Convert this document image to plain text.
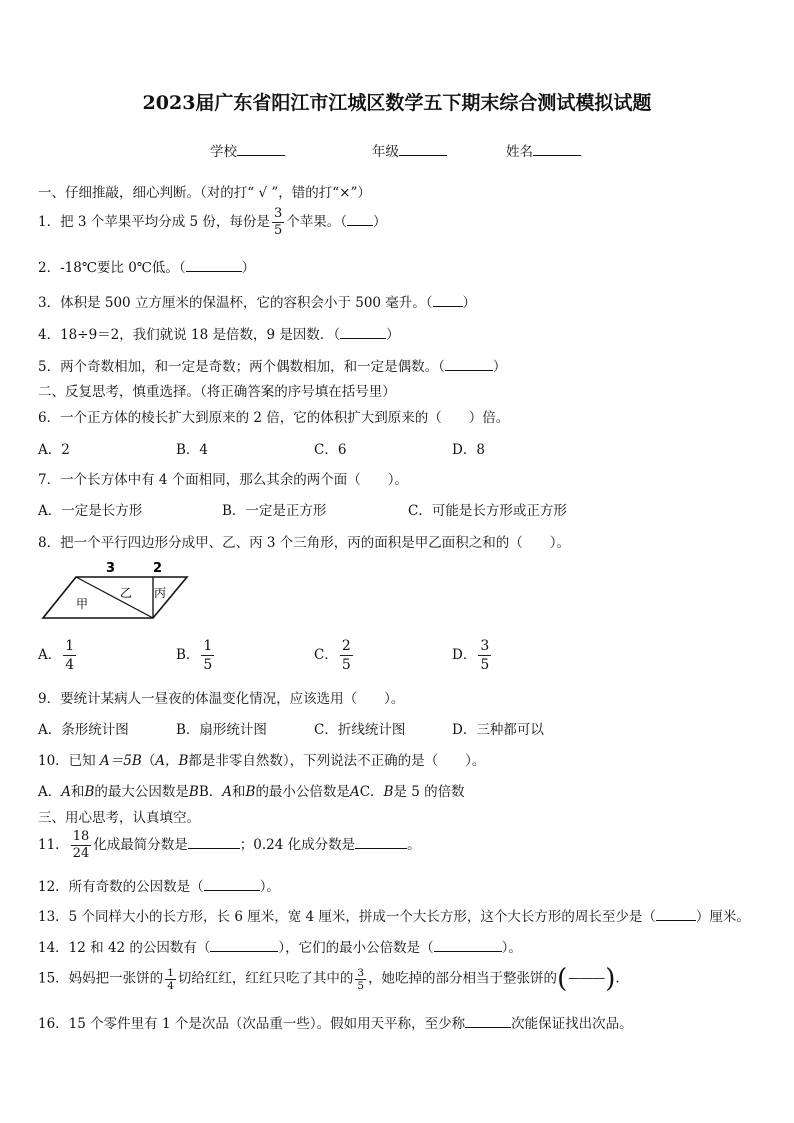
2023届广东省阳江市江城区数学五下期末综合测试模拟试题
学校	年级	姓名
一、仔细推敲，细心判断。（对的打“ √ ”，错的打“×”）
1．把 3 个苹果平均分成 5 份，每份是 $\frac{3}{5}$ 个苹果。（ ）
2．-18℃要比 0℃低。（	）
3．体积是 500 立方厘米的保温杯，它的容积会小于 500 毫升。（ ）
4．18÷9＝2，我们就说 18 是倍数，9 是因数．（	）
5．两个奇数相加，和一定是奇数；两个偶数相加，和一定是偶数。（	）
二、反复思考，慎重选择。（将正确答案的序号填在括号里）
6．一个正方体的棱长扩大到原来的 2 倍，它的体积扩大到原来的（　　）倍。
A．2	B．4	C．6	D．8
7．一个长方体中有 4 个面相同，那么其余的两个面（　　）。
A．一定是长方形	B．一定是正方形	C．可能是长方形或正方形
8．把一个平行四边形分成甲、乙、丙 3 个三角形，丙的面积是甲乙面积之和的（　　）。
3	2
甲
乙 丙
A． $\frac{1}{4}$	B． $\frac{1}{5}$	C． $\frac{2}{5}$	D． $\frac{3}{5}$
9．要统计某病人一昼夜的体温变化情况，应该选用（　　）。
A．条形统计图	B．扇形统计图	C．折线统计图	D．三种都可以
10．已知 A＝5B（A，B都是非零自然数），下列说法不正确的是（　　）。
A．A和B的最大公因数是BB．A和B的最小公倍数是AC．B是 5 的倍数
三、用心思考，认真填空。
11． $\frac{18}{24}$ 化成最简分数是	；0.24 化成分数是	。
12．所有奇数的公因数是（	）。
13．5 个同样大小的长方形，长 6 厘米，宽 4 厘米，拼成一个大长方形，这个大长方形的周长至少是（	）厘米。
14．12 和 42 的公因数有（	），它们的最小公倍数是（	）。
15．妈妈把一张饼的 $\frac{1}{4}$ 切给红红，红红只吃了其中的 $\frac{3}{5}$ ，她吃掉的部分相当于整张饼的( ——— ).
16．15 个零件里有 1 个是次品（次品重一些）。假如用天平称，至少称	次能保证找出次品。
